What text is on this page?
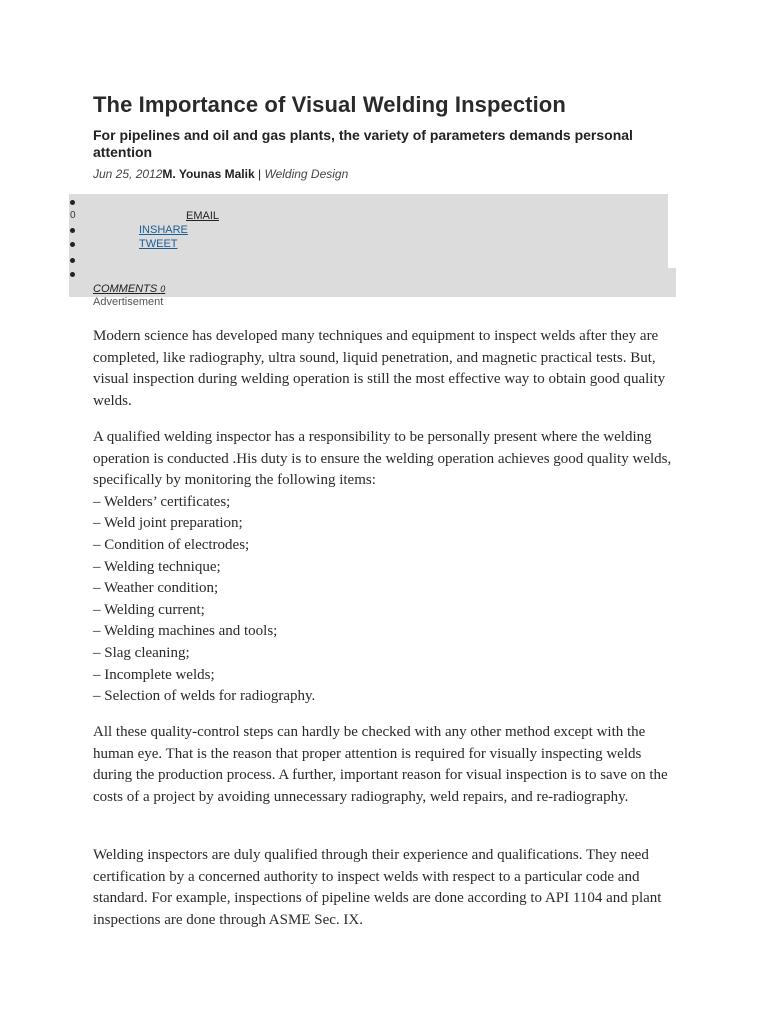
The Importance of Visual Welding Inspection
For pipelines and oil and gas plants, the variety of parameters demands personal attention
Jun 25, 2012M. Younas Malik | Welding Design
0	EMAIL
INSHARE
TWEET
COMMENTS 0
Advertisement

Modern science has developed many techniques and equipment to inspect welds after they are completed, like radiography, ultra sound, liquid penetration, and magnetic practical tests. But, visual inspection during welding operation is still the most effective way to obtain good quality welds.

A qualified welding inspector has a responsibility to be personally present where the welding operation is conducted .His duty is to ensure the welding operation achieves good quality welds, specifically by monitoring the following items:
– Welders’ certificates;
– Weld joint preparation;
– Condition of electrodes;
– Welding technique;
– Weather condition;
– Welding current;
– Welding machines and tools;
– Slag cleaning;
– Incomplete welds;
– Selection of welds for radiography.

All these quality-control steps can hardly be checked with any other method except with the human eye. That is the reason that proper attention is required for visually inspecting welds during the production process. A further, important reason for visual inspection is to save on the costs of a project by avoiding unnecessary radiography, weld repairs, and re-radiography.

Welding inspectors are duly qualified through their experience and qualifications. They need certification by a concerned authority to inspect welds with respect to a particular code and standard. For example, inspections of pipeline welds are done according to API 1104 and plant inspections are done through ASME Sec. IX.
